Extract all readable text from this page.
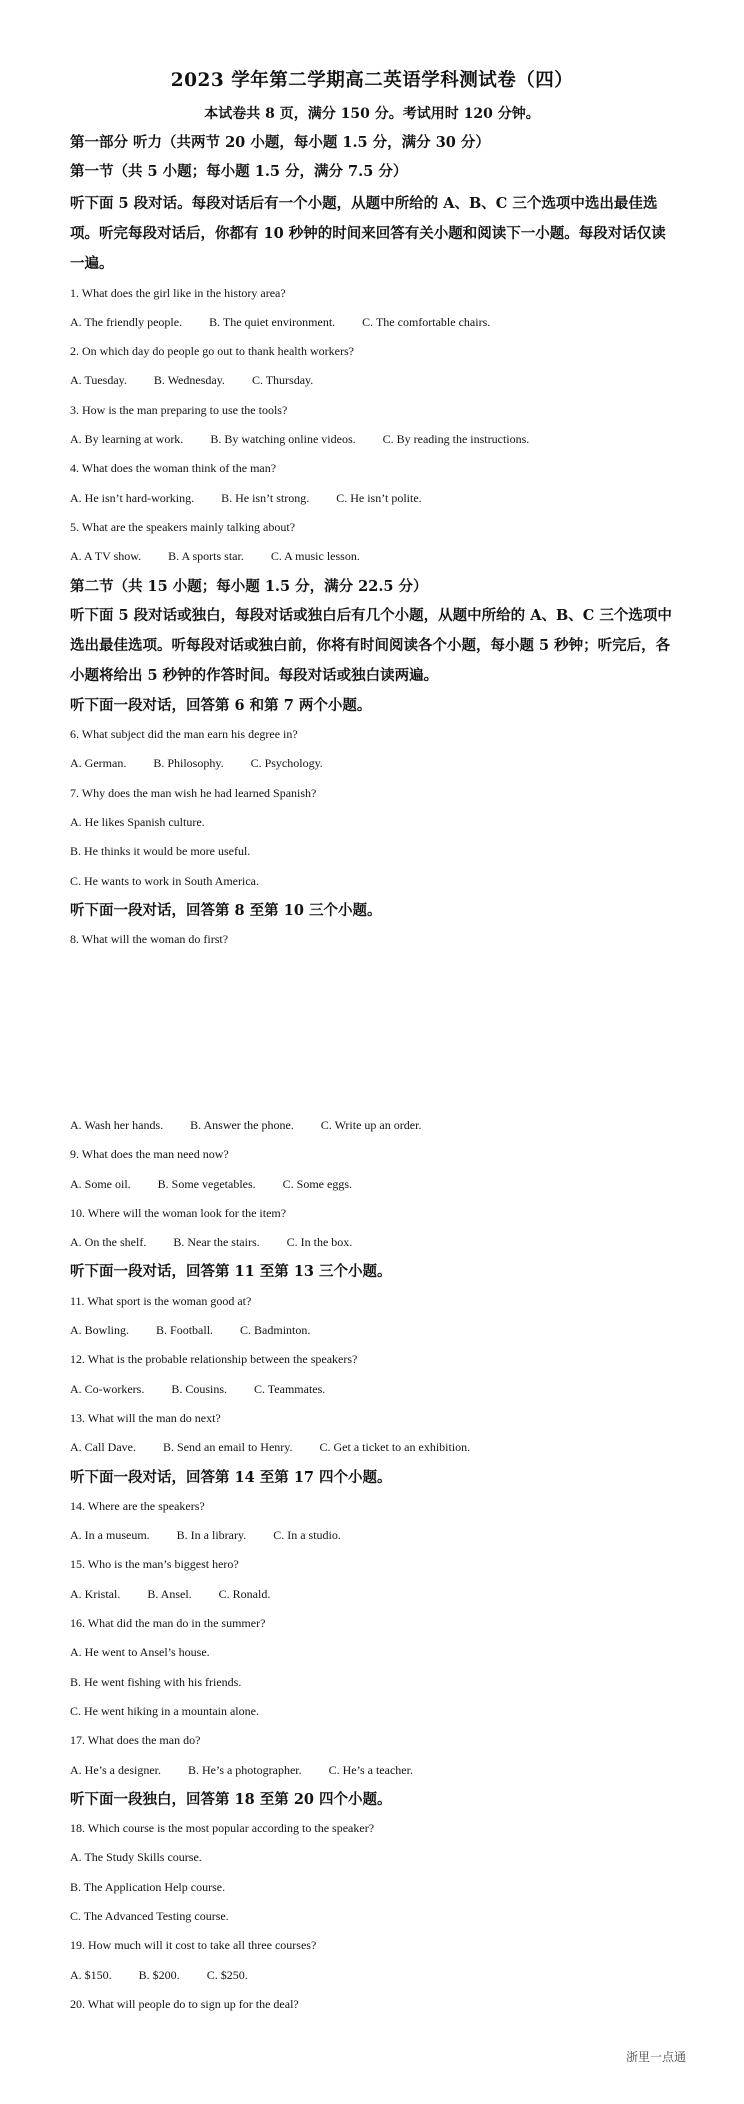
2023 学年第二学期高二英语学科测试卷（四）
本试卷共 8 页，满分 150 分。考试用时 120 分钟。
第一部分 听力（共两节 20 小题，每小题 1.5 分，满分 30 分）
第一节（共 5 小题；每小题 1.5 分，满分 7.5 分）
听下面 5 段对话。每段对话后有一个小题，从题中所给的 A、B、C 三个选项中选出最佳选项。听完每段对话后，你都有 10 秒钟的时间来回答有关小题和阅读下一小题。每段对话仅读一遍。
1. What does the girl like in the history area?
A. The friendly people. B. The quiet environment. C. The comfortable chairs.
2. On which day do people go out to thank health workers?
A. Tuesday. B. Wednesday. C. Thursday.
3. How is the man preparing to use the tools?
A. By learning at work. B. By watching online videos. C. By reading the instructions.
4. What does the woman think of the man?
A. He isn’t hard-working. B. He isn’t strong. C. He isn’t polite.
5. What are the speakers mainly talking about?
A. A TV show. B. A sports star. C. A music lesson.
第二节（共 15 小题；每小题 1.5 分，满分 22.5 分）
听下面 5 段对话或独白，每段对话或独白后有几个小题，从题中所给的 A、B、C 三个选项中选出最佳选项。听每段对话或独白前，你将有时间阅读各个小题，每小题 5 秒钟；听完后，各小题将给出 5 秒钟的作答时间。每段对话或独白读两遍。
听下面一段对话，回答第 6 和第 7 两个小题。
6. What subject did the man earn his degree in?
A. German. B. Philosophy. C. Psychology.
7. Why does the man wish he had learned Spanish?
A. He likes Spanish culture.
B. He thinks it would be more useful.
C. He wants to work in South America.
听下面一段对话，回答第 8 至第 10 三个小题。
8. What will the woman do first?
A. Wash her hands. B. Answer the phone. C. Write up an order.
9. What does the man need now?
A. Some oil. B. Some vegetables. C. Some eggs.
10. Where will the woman look for the item?
A. On the shelf. B. Near the stairs. C. In the box.
听下面一段对话，回答第 11 至第 13 三个小题。
11. What sport is the woman good at?
A. Bowling. B. Football. C. Badminton.
12. What is the probable relationship between the speakers?
A. Co-workers. B. Cousins. C. Teammates.
13. What will the man do next?
A. Call Dave. B. Send an email to Henry. C. Get a ticket to an exhibition.
听下面一段对话，回答第 14 至第 17 四个小题。
14. Where are the speakers?
A. In a museum. B. In a library. C. In a studio.
15. Who is the man’s biggest hero?
A. Kristal. B. Ansel. C. Ronald.
16. What did the man do in the summer?
A. He went to Ansel’s house.
B. He went fishing with his friends.
C. He went hiking in a mountain alone.
17. What does the man do?
A. He’s a designer. B. He’s a photographer. C. He’s a teacher.
听下面一段独白，回答第 18 至第 20 四个小题。
18. Which course is the most popular according to the speaker?
A. The Study Skills course.
B. The Application Help course.
C. The Advanced Testing course.
19. How much will it cost to take all three courses?
A. $150. B. $200. C. $250.
20. What will people do to sign up for the deal?
浙里一点通
